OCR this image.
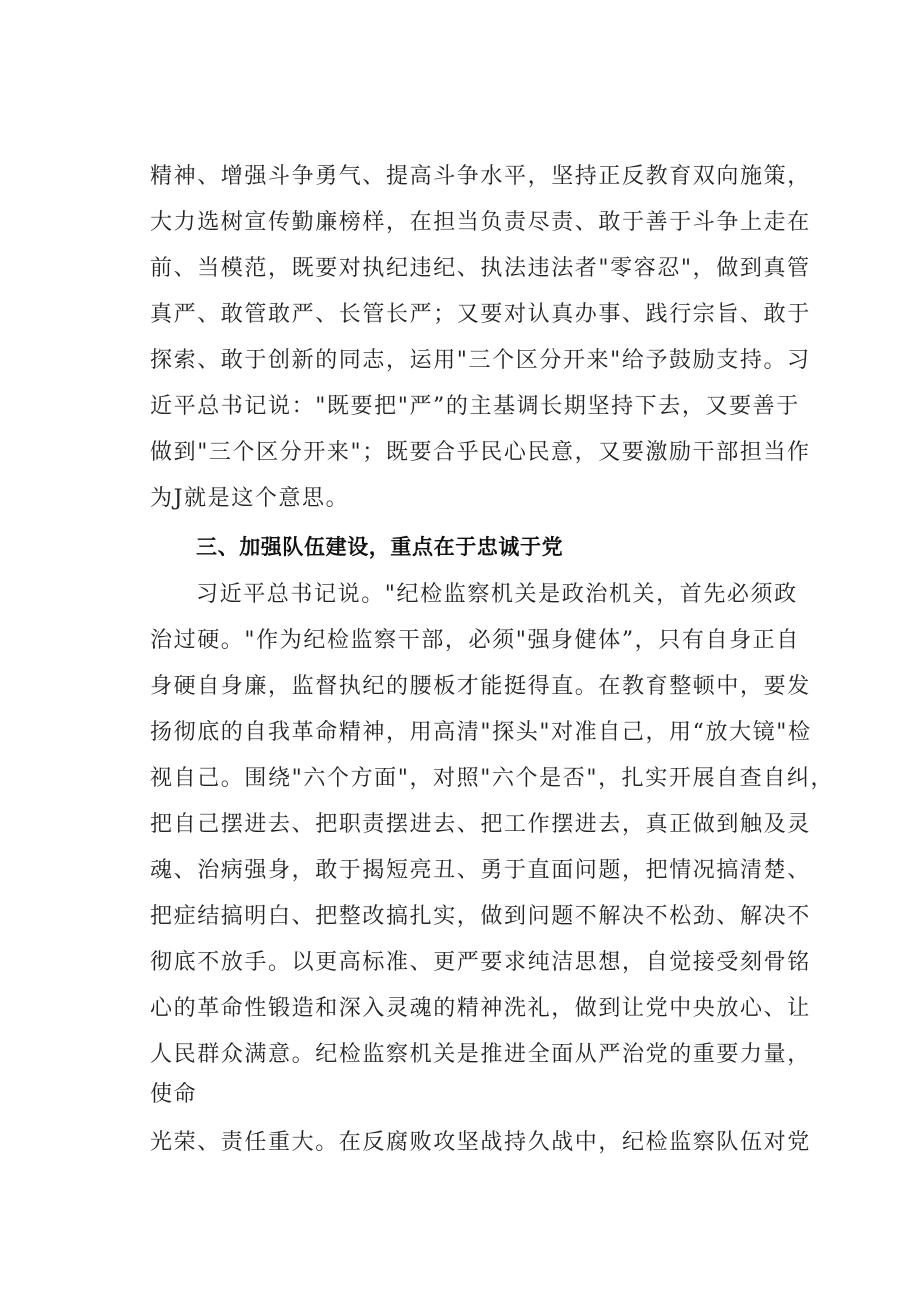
精神、增强斗争勇气、提高斗争水平，坚持正反教育双向施策，
大力选树宣传勤廉榜样，在担当负责尽责、敢于善于斗争上走在
前、当模范，既要对执纪违纪、执法违法者"零容忍"，做到真管
真严、敢管敢严、长管长严；又要对认真办事、践行宗旨、敢于
探索、敢于创新的同志，运用"三个区分开来"给予鼓励支持。习
近平总书记说："既要把"严”的主基调长期坚持下去，又要善于
做到"三个区分开来"；既要合乎民心民意，又要激励干部担当作
为J就是这个意思。
三、加强队伍建设，重点在于忠诚于党
习近平总书记说。"纪检监察机关是政治机关，首先必须政
治过硬。"作为纪检监察干部，必须"强身健体”，只有自身正自
身硬自身廉，监督执纪的腰板才能挺得直。在教育整顿中，要发
扬彻底的自我革命精神，用高清"探头"对准自己，用“放大镜"检
视自己。围绕"六个方面"，对照"六个是否"，扎实开展自查自纠，
把自己摆进去、把职责摆进去、把工作摆进去，真正做到触及灵
魂、治病强身，敢于揭短亮丑、勇于直面问题，把情况搞清楚、
把症结搞明白、把整改搞扎实，做到问题不解决不松劲、解决不
彻底不放手。以更高标准、更严要求纯洁思想，自觉接受刻骨铭
心的革命性锻造和深入灵魂的精神洗礼，做到让党中央放心、让
人民群众满意。纪检监察机关是推进全面从严治党的重要力量，
使命
光荣、责任重大。在反腐败攻坚战持久战中，纪检监察队伍对党
